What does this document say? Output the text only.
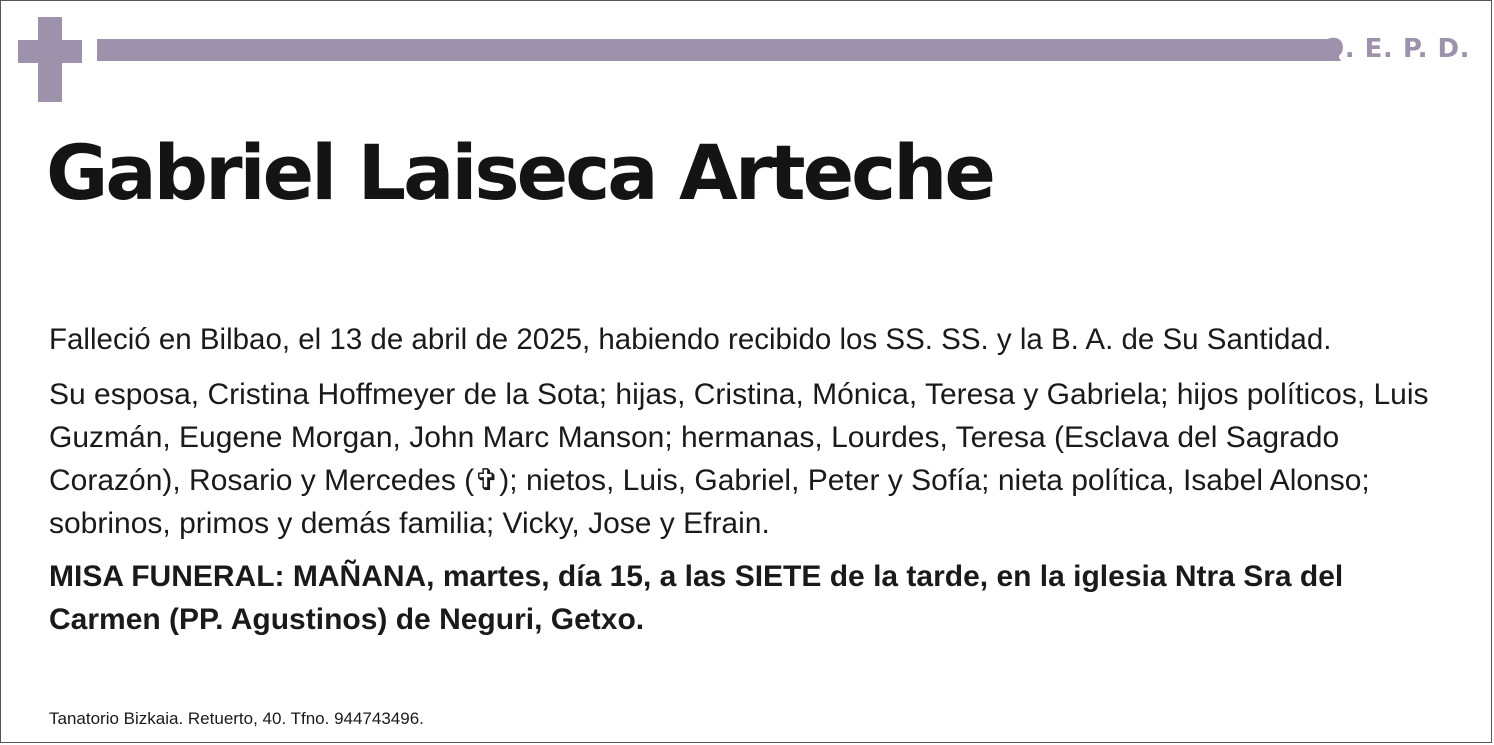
Q. E. P. D.
Gabriel Laiseca Arteche
Falleció en Bilbao, el 13 de abril de 2025, habiendo recibido los SS. SS. y la B. A. de Su Santidad.
Su esposa, Cristina Hoffmeyer de la Sota; hijas, Cristina, Mónica, Teresa y Gabriela; hijos políticos, Luis Guzmán, Eugene Morgan, John Marc Manson; hermanas, Lourdes, Teresa (Esclava del Sagrado Corazón), Rosario y Mercedes (✞); nietos, Luis, Gabriel, Peter y Sofía; nieta política, Isabel Alonso; sobrinos, primos y demás familia; Vicky, Jose y Efrain.
MISA FUNERAL: MAÑANA, martes, día 15, a las SIETE de la tarde, en la iglesia Ntra Sra del Carmen (PP. Agustinos) de Neguri, Getxo.
Tanatorio Bizkaia. Retuerto, 40. Tfno. 944743496.
